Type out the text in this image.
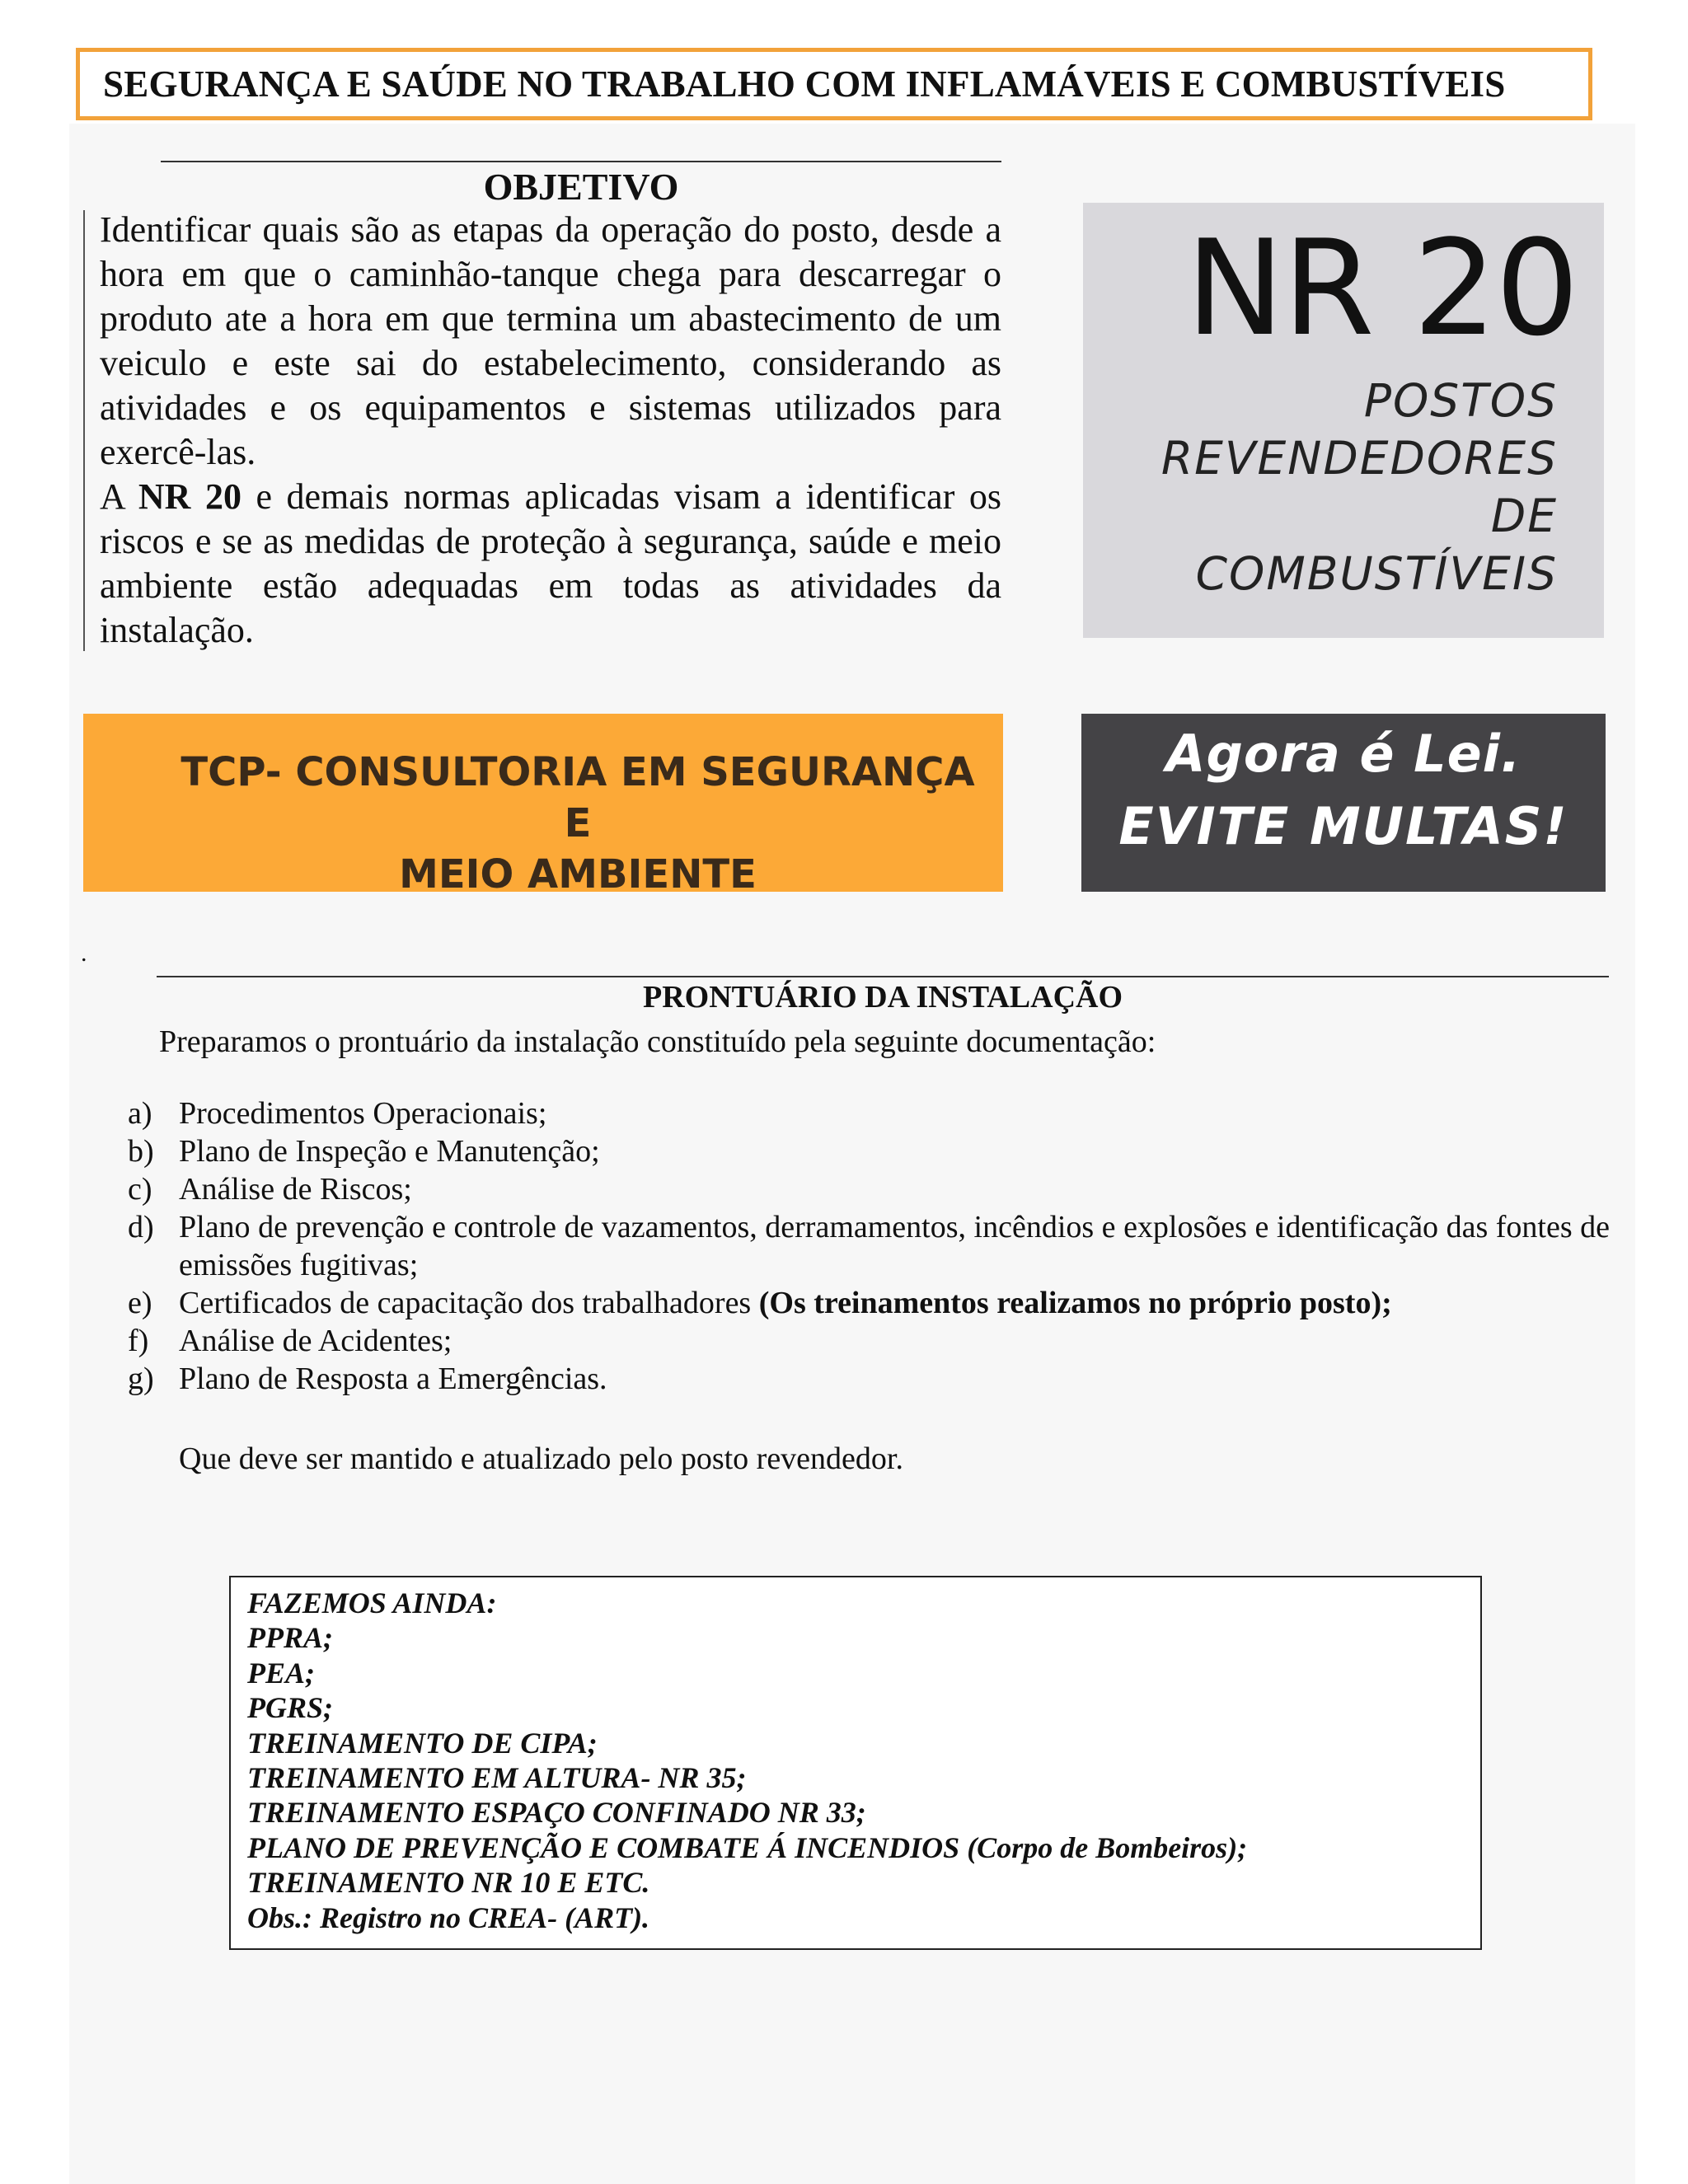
SEGURANÇA E SAÚDE NO TRABALHO COM INFLAMÁVEIS E COMBUSTÍVEIS
OBJETIVO

Identificar quais são as etapas da operação do posto, desde a hora em que o caminhão-tanque chega para descarregar o produto ate a hora em que termina um abastecimento de um veiculo e este sai do estabelecimento, considerando as atividades e os equipamentos e sistemas utilizados para exercê-las.

A NR 20 e demais normas aplicadas visam a identificar os riscos e se as medidas de proteção à segurança, saúde e meio ambiente estão adequadas em todas as atividades da instalação.

NR 20
POSTOS
REVENDEDORES
DE
COMBUSTÍVEIS
TCP- CONSULTORIA EM SEGURANÇA E
MEIO AMBIENTE
Agora é Lei.
EVITE MULTAS!
.
PRONTUÁRIO DA INSTALAÇÃO
Preparamos o prontuário da instalação constituído pela seguinte documentação:
a) Procedimentos Operacionais;
b) Plano de Inspeção e Manutenção;
c) Análise de Riscos;
d) Plano de prevenção e controle de vazamentos, derramamentos, incêndios e explosões e identificação das fontes de emissões fugitivas;
e) Certificados de capacitação dos trabalhadores (Os treinamentos realizamos no próprio posto);
f) Análise de Acidentes;
g) Plano de Resposta a Emergências.
Que deve ser mantido e atualizado pelo posto revendedor.
FAZEMOS AINDA:
PPRA;
PEA;
PGRS;
TREINAMENTO DE CIPA;
TREINAMENTO EM ALTURA- NR 35;
TREINAMENTO ESPAÇO CONFINADO NR 33;
PLANO DE PREVENÇÃO E COMBATE Á INCENDIOS (Corpo de Bombeiros);
TREINAMENTO NR 10 E ETC.
Obs.: Registro no CREA- (ART).
